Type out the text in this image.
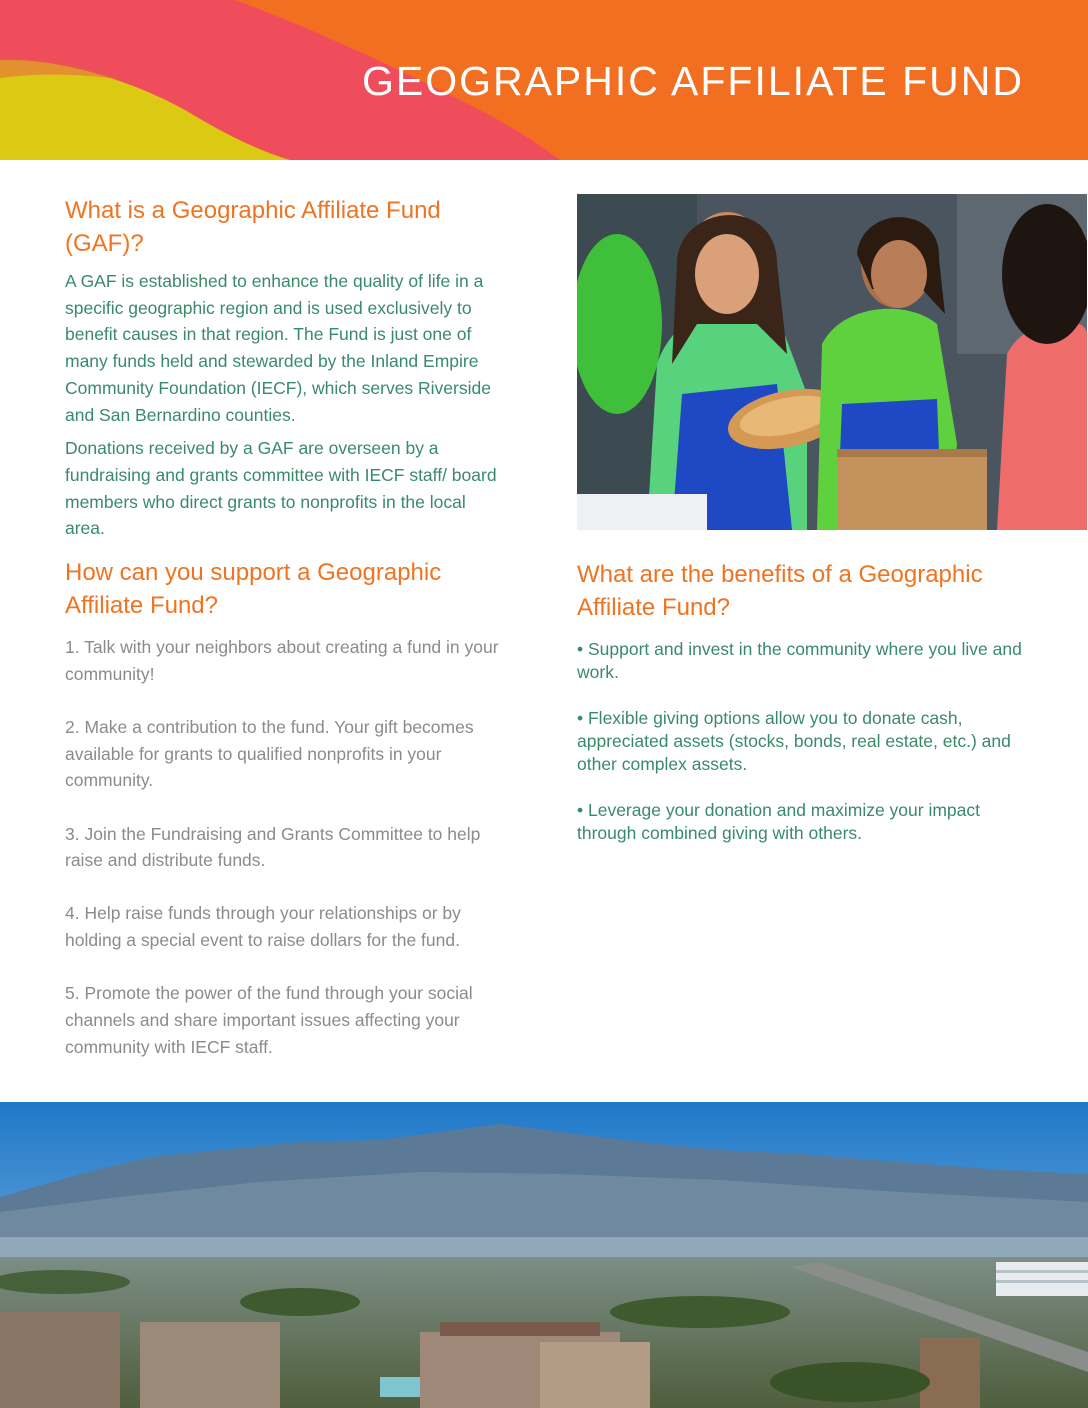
GEOGRAPHIC AFFILIATE FUND
What is a Geographic Affiliate Fund (GAF)?

A GAF is established to enhance the quality of life in a specific geographic region and is used exclusively to benefit causes in that region. The Fund is just one of many funds held and stewarded by the Inland Empire Community Foundation (IECF), which serves Riverside and San Bernardino counties.

Donations received by a GAF are overseen by a fundraising and grants committee with IECF staff/ board members who direct grants to nonprofits in the local area.

How can you support a Geographic Affiliate Fund?

1. Talk with your neighbors about creating a fund in your community!

2. Make a contribution to the fund. Your gift becomes available for grants to qualified nonprofits in your community.

3. Join the Fundraising and Grants Committee to help raise and distribute funds.

4. Help raise funds through your relationships or by holding a special event to raise dollars for the fund.

5. Promote the power of the fund through your social channels and share important issues affecting your community with IECF staff.

What are the benefits of a Geographic Affiliate Fund?

• Support and invest in the community where you live and work.

• Flexible giving options allow you to donate cash, appreciated assets (stocks, bonds, real estate, etc.) and other complex assets.

• Leverage your donation and maximize your impact through combined giving with others.
